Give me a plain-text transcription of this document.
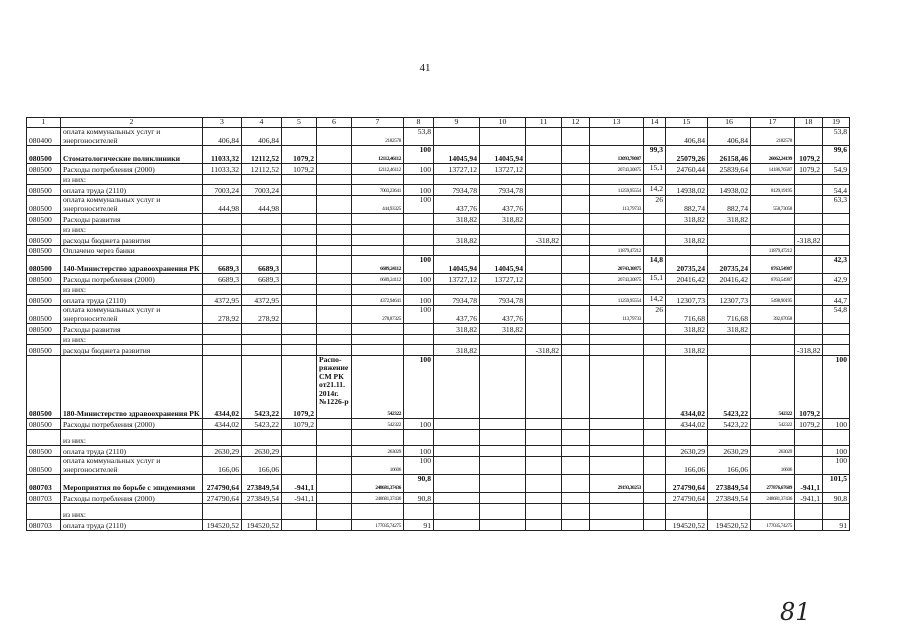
41
1	2	3	4	5	6	7	8	9	10	11	12	13	14	15	16	17	18	19
080400	оплата коммунальных услуг и энергоносителей	406,84	406,84			2182578	53,8							406,84	406,84	2182578		53,8
080500	Стоматологические поликлиники	11033,32	12112,52	1079,2		12112,46112	100	14045,94	14045,94			13093,78087	99,3	25079,26	26158,46	26062,24199	1079,2	99,6
080500	Расходы потребления (2000)	11033,32	12112,52	1079,2		12112,46112	100	13727,12	13727,12			20743,30875	15,1	24760,44	25839,64	14186,76587	1079,2	54,9
	из них:																	
080500	оплата труда (2110)	7003,24	7003,24			7003,23641	100	7934,78	7934,78			11259,95554	14,2	14938,02	14938,02	8129,19195		54,4
080500	оплата коммунальных услуг и энергоносителей	444,98	444,98			444,93325	100	437,76	437,76			113,79733	26	882,74	882,74	558,73058		63,3
080500	Расходы развития							318,82	318,82					318,82	318,82			
	из них:																	
080500	расходы бюджета развития							318,82		-318,82				318,82			-318,82	
080500	Оплачено через банки											11879,47212				11879,47212		
080500	140-Министерство здравоохранения РК	6689,3	6689,3			6689,24112	100	14045,94	14045,94			20743,30875	14,8	20735,24	20735,24	8763,54987		42,3
080500	Расходы потребления (2000)	6689,3	6689,3			6689,24112	100	13727,12	13727,12			20743,30875	15,1	20416,42	20416,42	8763,54987		42,9
	из них:																	
080500	оплата труда (2110)	4372,95	4372,95			4372,94641	100	7934,78	7934,78			11259,95554	14,2	12307,73	12307,73	5498,90195		44,7
080500	оплата коммунальных услуг и энергоносителей	278,92	278,92			278,87325	100	437,76	437,76			113,79733	26	716,68	716,68	392,67058		54,8
080500	Расходы развития							318,82	318,82					318,82	318,82			
	из них:																	
080500	расходы бюджета развития							318,82		-318,82				318,82			-318,82	
080500	180-Министерство здравоохранения РК	4344,02	5423,22	1079,2	Распо- ряжение СМ РК от21.11. 2014г. №1226-р	542322	100							4344,02	5423,22	542322	1079,2	100
080500	Расходы потребления (2000)	4344,02	5423,22	1079,2		542322	100							4344,02	5423,22	542322	1079,2	100
	из них:																	
080500	оплата труда (2110)	2630,29	2630,29			263029	100							2630,29	2630,29	263029		100
080500	оплата коммунальных услуг и энергоносителей	166,06	166,06			16606	100							166,06	166,06	16606		100
080703	Мероприятия по борьбе с эпидемиями	274790,64	273849,54	-941,1		248681,37436	90,8					29193,30253		274790,64	273849,54	277876,67689	-941,1	101,5
080703	Расходы потребления (2000)	274790,64	273849,54	-941,1		248681,37436	90,8							274790,64	273849,54	248681,37436	-941,1	90,8
	из них:																	
080703	оплата труда (2110)	194520,52	194520,52			177035,74275	91							194520,52	194520,52	177035,74275		91
81
